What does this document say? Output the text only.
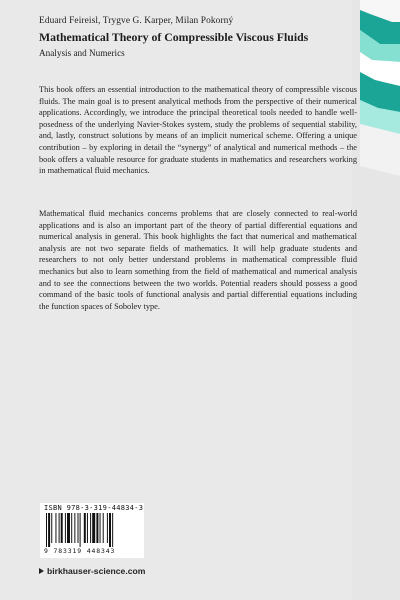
Eduard Feireisl, Trygve G. Karper, Milan Pokorný
Mathematical Theory of Compressible Viscous Fluids
Analysis and Numerics

This book offers an essential introduction to the mathematical theory of compressible viscous fluids. The main goal is to present analytical methods from the perspective of their numerical applications. Accordingly, we introduce the principal theoretical tools needed to handle well-posedness of the underlying Navier-Stokes system, study the problems of sequential stability, and, lastly, construct solutions by means of an implicit numerical scheme. Offering a unique contribution – by exploring in detail the “synergy” of analytical and numerical methods – the book offers a valuable resource for graduate students in mathematics and researchers working in mathematical fluid mechanics.

Mathematical fluid mechanics concerns problems that are closely connected to real-world applications and is also an important part of the theory of partial differential equations and numerical analysis in general. This book highlights the fact that numerical and mathematical analysis are not two separate fields of mathematics. It will help graduate students and researchers to not only better understand problems in mathematical compressible fluid mechanics but also to learn something from the field of mathematical and numerical analysis and to see the connections between the two worlds. Potential readers should possess a good command of the basic tools of functional analysis and partial differential equations including the function spaces of Sobolev type.

ISBN 978-3-319-44834-3
9 783319 448343
birkhauser-science.com
